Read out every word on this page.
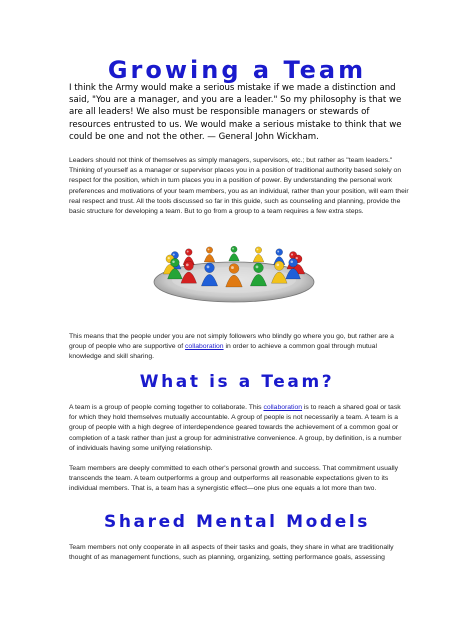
Growing a Team

I think the Army would make a serious mistake if we made a distinction and said, "You are a manager, and you are a leader." So my philosophy is that we are all leaders! We also must be responsible managers or stewards of resources entrusted to us. We would make a serious mistake to think that we could be one and not the other. — General John Wickham.

Leaders should not think of themselves as simply managers, supervisors, etc.; but rather as "team leaders." Thinking of yourself as a manager or supervisor places you in a position of traditional authority based solely on respect for the position, which in turn places you in a position of power. By understanding the personal work preferences and motivations of your team members, you as an individual, rather than your position, will earn their real respect and trust. All the tools discussed so far in this guide, such as counseling and planning, provide the basic structure for developing a team. But to go from a group to a team requires a few extra steps.

This means that the people under you are not simply followers who blindly go where you go, but rather are a group of people who are supportive of collaboration in order to achieve a common goal through mutual knowledge and skill sharing.

What is a Team?

A team is a group of people coming together to collaborate. This collaboration is to reach a shared goal or task for which they hold themselves mutually accountable. A group of people is not necessarily a team. A team is a group of people with a high degree of interdependence geared towards the achievement of a common goal or completion of a task rather than just a group for administrative convenience. A group, by definition, is a number of individuals having some unifying relationship.

Team members are deeply committed to each other's personal growth and success. That commitment usually transcends the team. A team outperforms a group and outperforms all reasonable expectations given to its individual members. That is, a team has a synergistic effect—one plus one equals a lot more than two.

Shared Mental Models

Team members not only cooperate in all aspects of their tasks and goals, they share in what are traditionally thought of as management functions, such as planning, organizing, setting performance goals, assessing
